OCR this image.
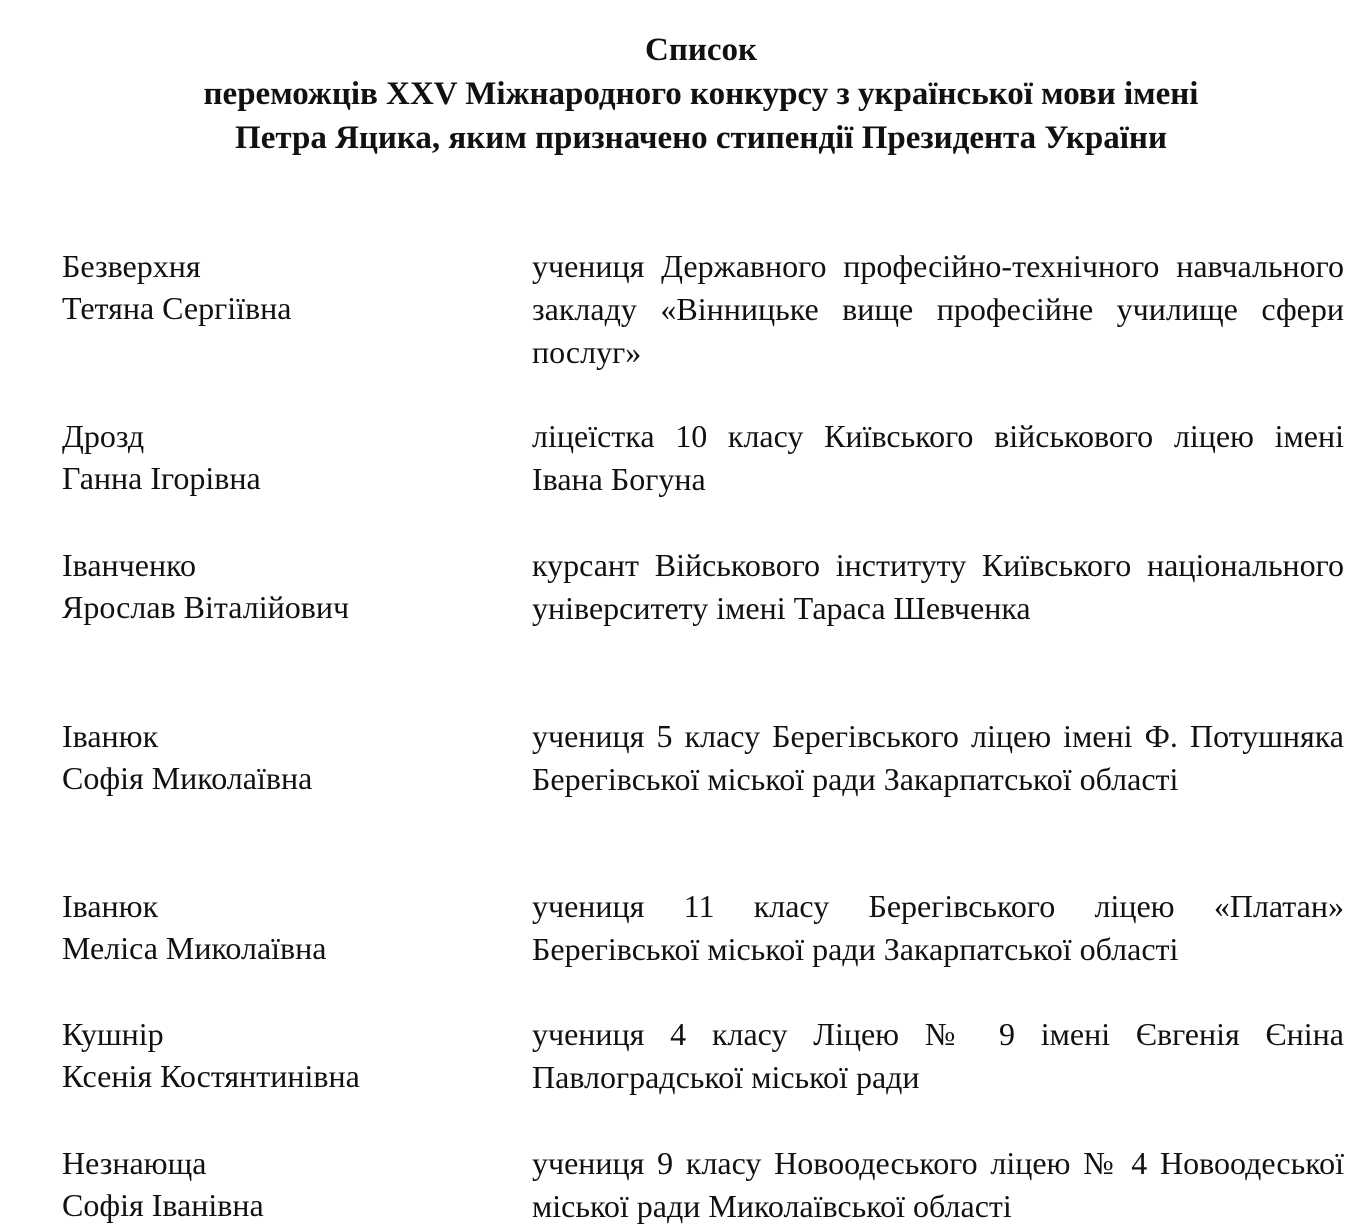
Список
переможців XXV Міжнародного конкурсу з української мови імені
Петра Яцика, яким призначено стипендії Президента України
Безверхня
Тетяна Сергіївна
учениця Державного професійно-технічного навчального закладу «Вінницьке вище професійне училище сфери послуг»
Дрозд
Ганна Ігорівна
ліцеїстка 10 класу Київського військового ліцею імені Івана Богуна
Іванченко
Ярослав Віталійович
курсант Військового інституту Київського національного університету імені Тараса Шевченка
Іванюк
Софія Миколаївна
учениця 5 класу Берегівського ліцею імені Ф. Потушняка Берегівської міської ради Закарпатської області
Іванюк
Меліса Миколаївна
учениця 11 класу Берегівського ліцею «Платан» Берегівської міської ради Закарпатської області
Кушнір
Ксенія Костянтинівна
учениця 4 класу Ліцею № 9 імені Євгенія Єніна Павлоградської міської ради
Незнающа
Софія Іванівна
учениця 9 класу Новоодеського ліцею № 4 Новоодеської міської ради Миколаївської області
